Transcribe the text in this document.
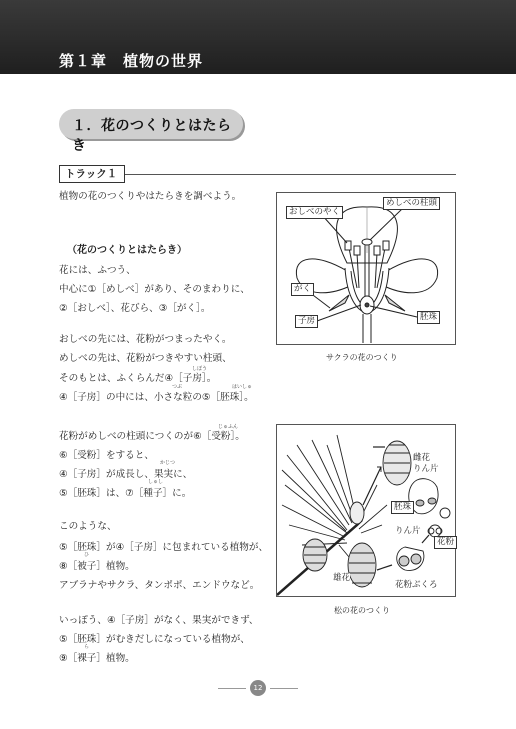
第１章　植物の世界
１．花のつくりとはたらき
トラック１
植物の花のつくりやはたらきを調べよう。
（花のつくりとはたらき）
花には、ふつう、
中心に①［めしべ］があり、そのまわりに、
②［おしべ］、花びら、③［がく］。
おしべの先には、花粉がつまったやく。
めしべの先は、花粉がつきやすい柱頭、
しぼう
そのもとは、ふくらんだ④［子房］。
つぶ	はいしゅ
④［子房］の中には、小さな粒の⑤［胚珠］。
じゅふん
花粉がめしべの柱頭につくのが⑥［受粉］。
⑥［受粉］をすると、
かじつ
④［子房］が成長し、果実に、
しゅし
⑤［胚珠］は、⑦［種子］に。
このような、
⑤［胚珠］が④［子房］に包まれている植物が、
ひ
⑧［被子］植物。
アブラナやサクラ、タンポポ、エンドウなど。
いっぽう、④［子房］がなく、果実ができず、
⑤［胚珠］がむきだしになっている植物が、
ら
⑨［裸子］植物。
おしべのやく
めしべの柱頭
がく
子房	胚珠
サクラの花のつくり
雌花
りん片
胚珠
花粉
りん片
雄花
花粉ぶくろ
松の花のつくり
12
